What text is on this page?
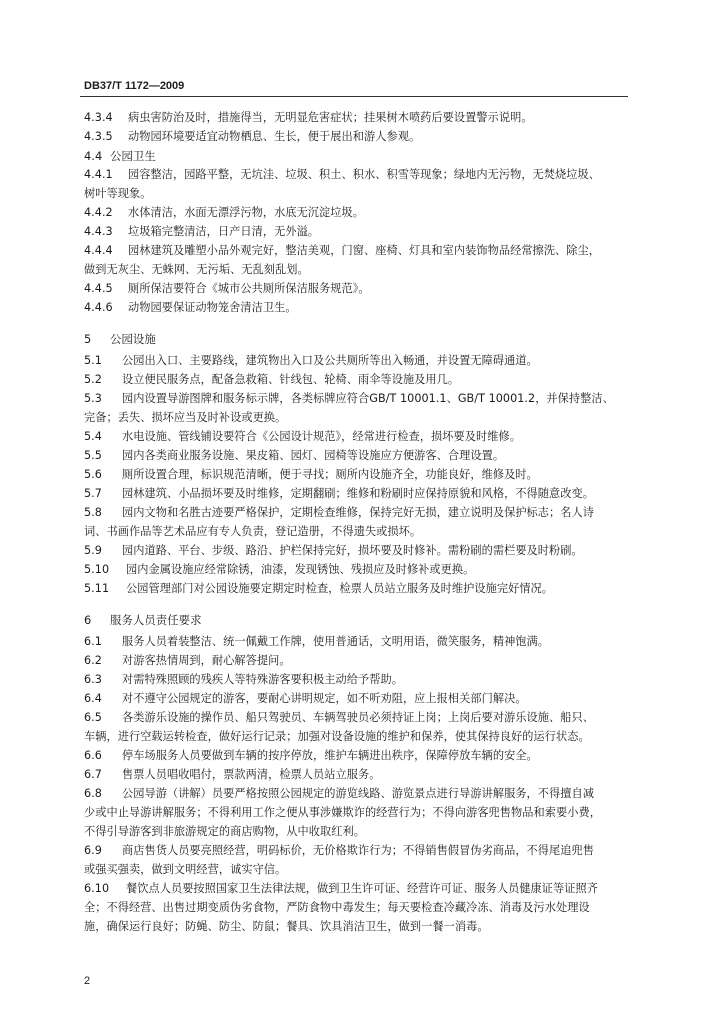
DB37/T 1172—2009
4.3.4 病虫害防治及时，措施得当，无明显危害症状；挂果树木喷药后要设置警示说明。
4.3.5 动物园环境要适宜动物栖息、生长，便于展出和游人参观。
4.4 公园卫生
4.4.1 园容整洁，园路平整，无坑洼、垃圾、积土、积水、积雪等现象；绿地内无污物，无焚烧垃圾、
树叶等现象。
4.4.2 水体清洁，水面无漂浮污物，水底无沉淀垃圾。
4.4.3 垃圾箱完整清洁，日产日清，无外溢。
4.4.4 园林建筑及雕塑小品外观完好，整洁美观，门窗、座椅、灯具和室内装饰物品经常擦洗、除尘，
做到无灰尘、无蛛网、无污垢、无乱刻乱划。
4.4.5 厕所保洁要符合《城市公共厕所保洁服务规范》。
4.4.6 动物园要保证动物笼舍清洁卫生。
5 公园设施
5.1 公园出入口、主要路线，建筑物出入口及公共厕所等出入畅通，并设置无障碍通道。
5.2 设立便民服务点，配备急救箱、针线包、轮椅、雨伞等设施及用几。
5.3 园内设置导游图牌和服务标示牌，各类标牌应符合GB/T 10001.1、GB/T 10001.2，并保持整洁、
完备；丢失、损坏应当及时补设或更换。
5.4 水电设施、管线铺设要符合《公园设计规范》，经常进行检查，损坏要及时维修。
5.5 园内各类商业服务设施、果皮箱、园灯、园椅等设施应方便游客、合理设置。
5.6 厕所设置合理，标识规范清晰，便于寻找；厕所内设施齐全，功能良好，维修及时。
5.7 园林建筑、小品损坏要及时维修，定期翻刷；维修和粉刷时应保持原貌和风格，不得随意改变。
5.8 园内文物和名胜古迹要严格保护，定期检查维修，保持完好无损，建立说明及保护标志；名人诗
词、书画作品等艺术品应有专人负责，登记造册，不得遗失或损坏。
5.9 园内道路、平台、步级、路沿、护栏保持完好，损坏要及时修补。需粉刷的需栏要及时粉刷。
5.10 园内金属设施应经常除锈，油漆，发现锈蚀、残损应及时修补或更换。
5.11 公园管理部门对公园设施要定期定时检查，检票人员站立服务及时维护设施完好情况。
6 服务人员责任要求
6.1 服务人员着装整洁、统一佩戴工作牌，使用普通话，文明用语，微笑服务，精神饱满。
6.2 对游客热情周到，耐心解答提问。
6.3 对需特殊照顾的残疾人等特殊游客要积极主动给予帮助。
6.4 对不遵守公园规定的游客，要耐心讲明规定，如不听劝阻，应上报相关部门解决。
6.5 各类游乐设施的操作员、船只驾驶员、车辆驾驶员必须持证上岗；上岗后要对游乐设施、船只、
车辆，进行空载运转检查，做好运行记录；加强对设备设施的维护和保养，使其保持良好的运行状态。
6.6 停车场服务人员要做到车辆的按序停放，维护车辆进出秩序，保障停放车辆的安全。
6.7 售票人员唱收唱付，票款两清，检票人员站立服务。
6.8 公园导游（讲解）员要严格按照公园规定的游览线路、游览景点进行导游讲解服务，不得擅自减
少或中止导游讲解服务；不得利用工作之便从事涉嫌欺诈的经营行为；不得向游客兜售物品和索要小费，
不得引导游客到非旅游规定的商店购物，从中收取红利。
6.9 商店售货人员要亮照经营，明码标价，无价格欺诈行为；不得销售假冒伪劣商品，不得尾追兜售
或强买强卖，做到文明经营，诚实守信。
6.10 餐饮点人员要按照国家卫生法律法规，做到卫生许可证、经营许可证、服务人员健康证等证照齐
全；不得经营、出售过期变质伪劣食物，严防食物中毒发生；每天要检查冷藏冷冻、消毒及污水处理设
施，确保运行良好；防蝇、防尘、防鼠；餐具、饮具消洁卫生，做到一餐一消毒。
2
